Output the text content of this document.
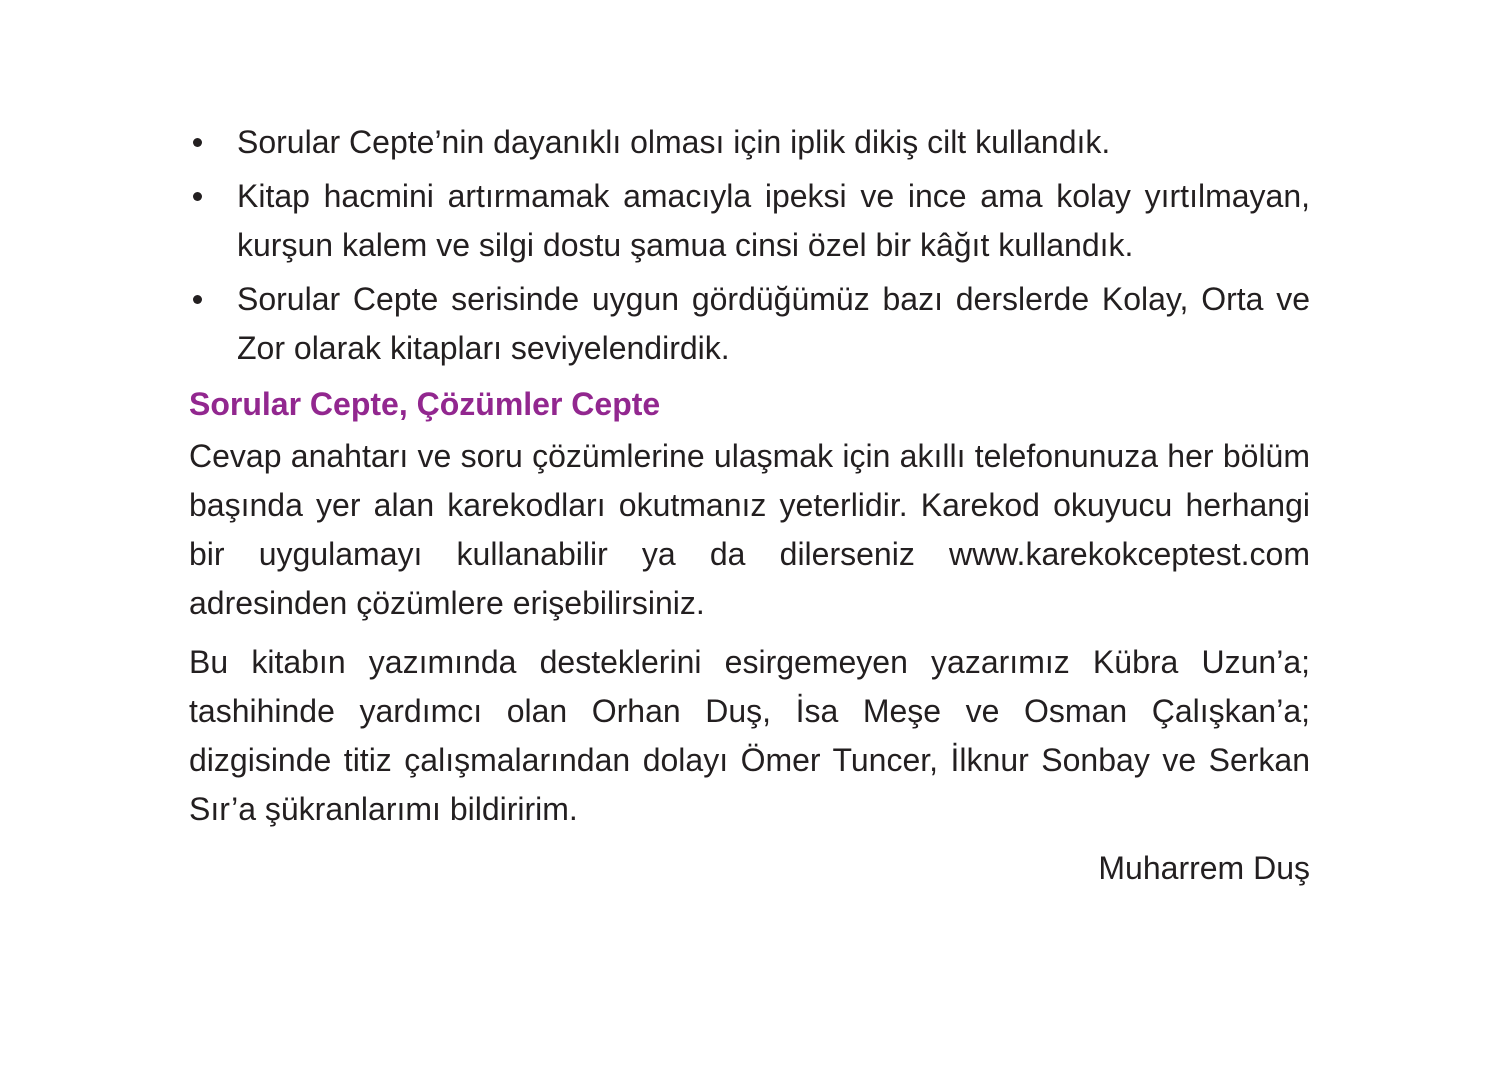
Sorular Cepte’nin dayanıklı olması için iplik dikiş cilt kullandık.
Kitap hacmini artırmamak amacıyla ipeksi ve ince ama kolay yırtılmayan, kurşun kalem ve silgi dostu şamua cinsi özel bir kâğıt kullandık.
Sorular Cepte serisinde uygun gördüğümüz bazı derslerde Kolay, Orta ve Zor olarak kitapları seviyelendirdik.
Sorular Cepte, Çözümler Cepte

Cevap anahtarı ve soru çözümlerine ulaşmak için akıllı telefonunuza her bölüm başında yer alan karekodları okutmanız yeterlidir. Karekod okuyucu herhangi bir uygulamayı kullanabilir ya da dilerseniz www.karekokceptest.com adresinden çözümlere erişebilirsiniz.

Bu kitabın yazımında desteklerini esirgemeyen yazarımız Kübra Uzun’a; tashihinde yardımcı olan Orhan Duş, İsa Meşe ve Osman Çalışkan’a; dizgisinde titiz çalışmalarından dolayı Ömer Tuncer, İlknur Sonbay ve Serkan Sır’a şükranlarımı bildiririm.

Muharrem Duş
